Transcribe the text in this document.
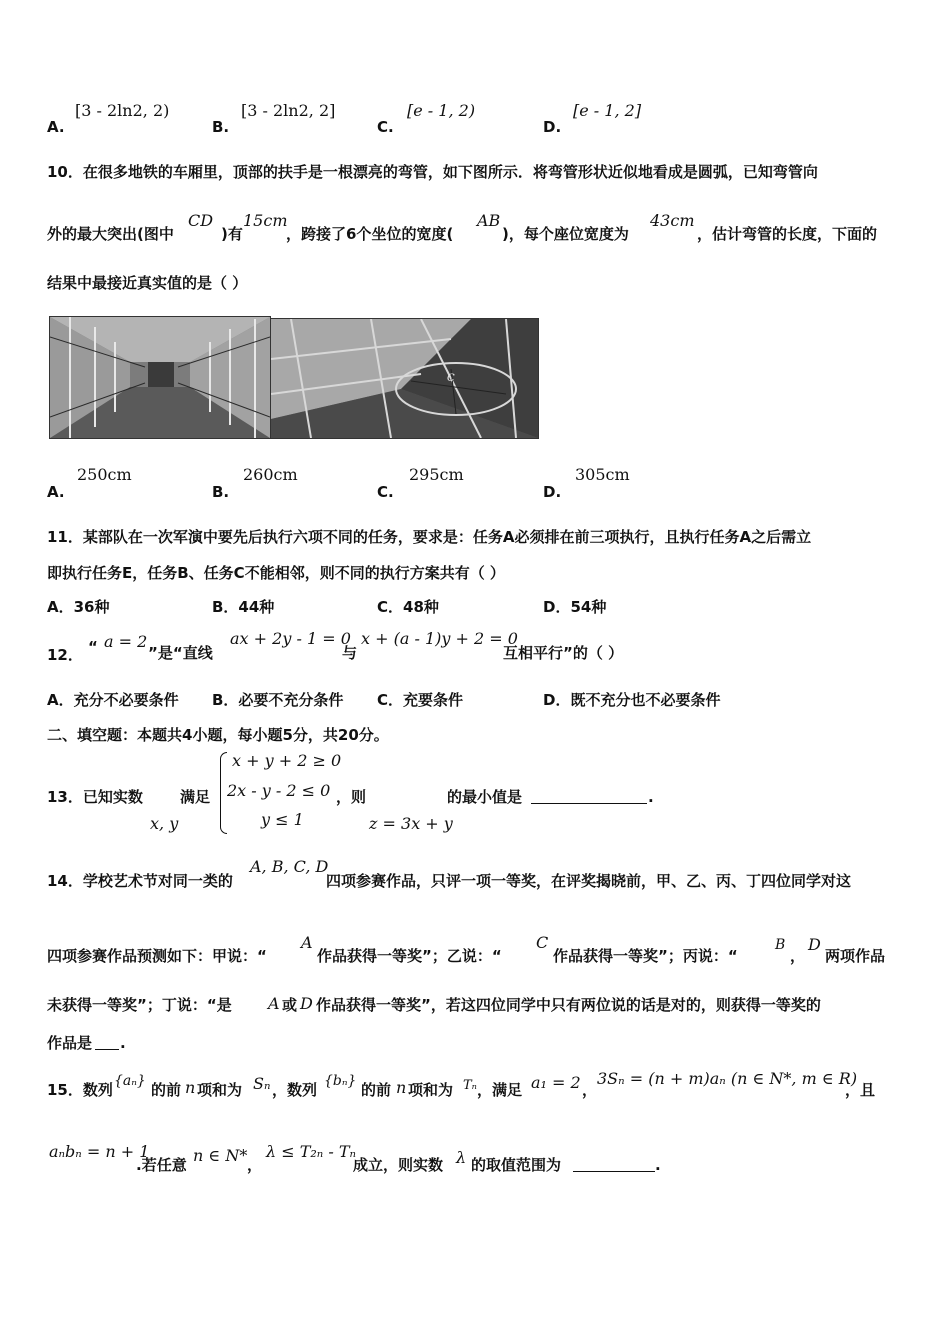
A.
[3 - 2ln2, 2)
B.
[3 - 2ln2, 2]
C.
[e - 1, 2)
D.
[e - 1, 2]
10．在很多地铁的车厢里，顶部的扶手是一根漂亮的弯管，如下图所示．将弯管形状近似地看成是圆弧，已知弯管向
外的最大突出(图中
CD
)有
15cm
，跨接了6个坐位的宽度(
AB
)，每个座位宽度为
43cm
，估计弯管的长度，下面的
结果中最接近真实值的是（ ）
C
A.
250cm
B.
260cm
C.
295cm
D.
305cm
11．某部队在一次军演中要先后执行六项不同的任务，要求是：任务A必须排在前三项执行，且执行任务A之后需立
即执行任务E，任务B、任务C不能相邻，则不同的执行方案共有（ ）
A．36种	B．44种	C．48种	D．54种
12． “ a = 2
”是“直线
ax + 2y - 1 = 0
与
x + (a - 1)y + 2 = 0
互相平行”的（ ）
A．充分不必要条件 B．必要不充分条件 C．充要条件	D．既不充分也不必要条件
二、填空题：本题共4小题，每小题5分，共20分。
13．已知实数
x, y
满足
x + y + 2 ≥ 0
2x - y - 2 ≤ 0
y ≤ 1
，则
z = 3x + y
的最小值是	.
14．学校艺术节对同一类的
A, B, C, D
四项参赛作品，只评一项一等奖，在评奖揭晓前，甲、乙、丙、丁四位同学对这
四项参赛作品预测如下：甲说：“
A
作品获得一等奖”；乙说：“
C
作品获得一等奖”；丙说：“
B
，
D
两项作品
未获得一等奖”；丁说：“是 A 或 D 作品获得一等奖”，若这四位同学中只有两位说的话是对的，则获得一等奖的
作品是 .
15．数列 {aₙ} 的前 n 项和为 Sₙ ，数列 {bₙ} 的前 n 项和为 Tₙ ，满足 a₁ = 2 ，
3Sₙ = (n + m)aₙ (n ∈ N*, m ∈ R)
，且
aₙbₙ = n + 1
.若任意 n ∈ N* ，
λ ≤ T₂ₙ - Tₙ
成立，则实数 λ 的取值范围为	.
